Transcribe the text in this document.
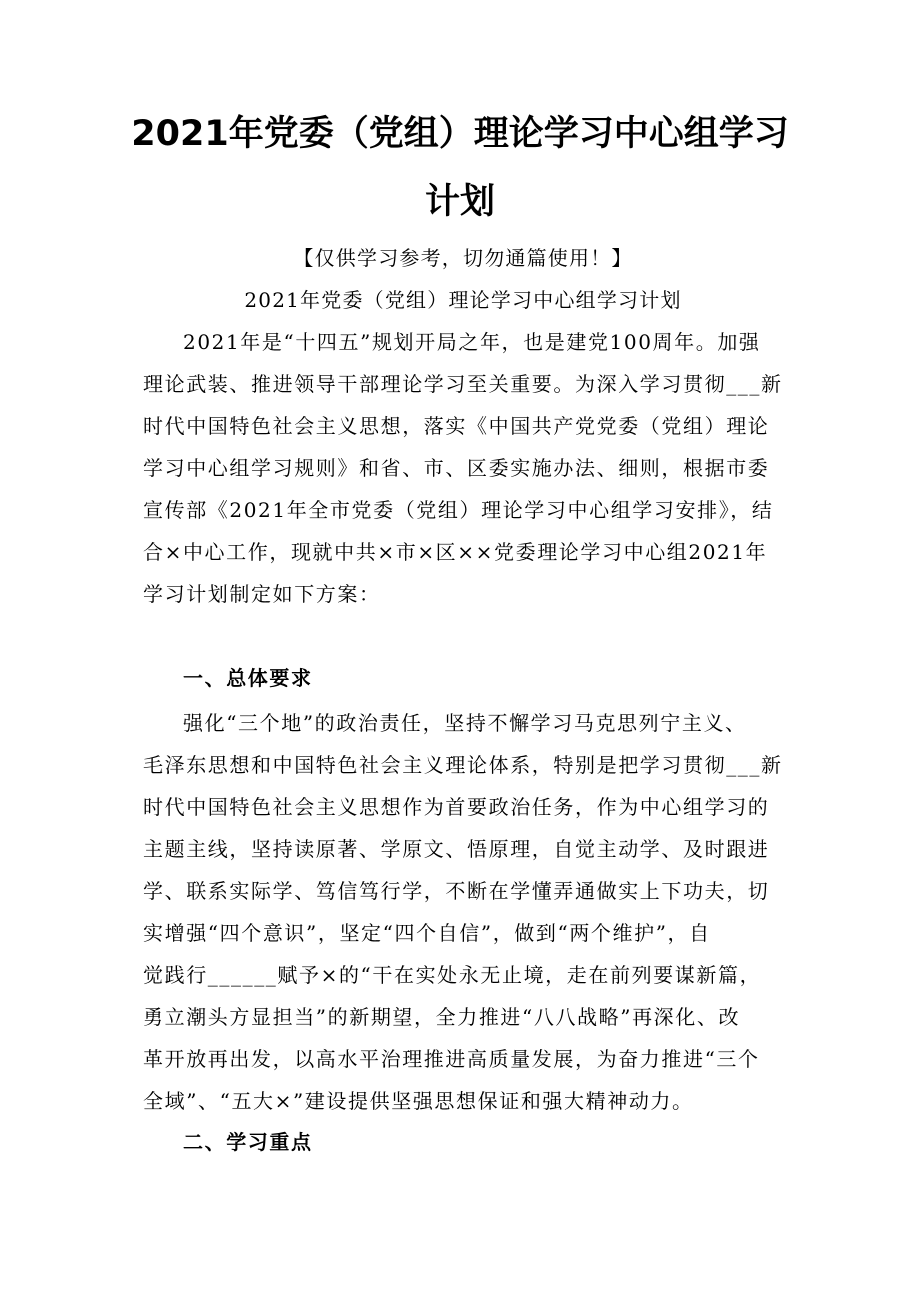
2021年党委（党组）理论学习中心组学习
计划
【仅供学习参考，切勿通篇使用！】
2021年党委（党组）理论学习中心组学习计划
2021年是“十四五”规划开局之年，也是建党100周年。加强
理论武装、推进领导干部理论学习至关重要。为深入学习贯彻___新
时代中国特色社会主义思想，落实《中国共产党党委（党组）理论
学习中心组学习规则》和省、市、区委实施办法、细则，根据市委
宣传部《2021年全市党委（党组）理论学习中心组学习安排》，结
合×中心工作，现就中共×市×区××党委理论学习中心组2021年
学习计划制定如下方案：
一、总体要求
强化“三个地”的政治责任，坚持不懈学习马克思列宁主义、
毛泽东思想和中国特色社会主义理论体系，特别是把学习贯彻___新
时代中国特色社会主义思想作为首要政治任务，作为中心组学习的
主题主线，坚持读原著、学原文、悟原理，自觉主动学、及时跟进
学、联系实际学、笃信笃行学，不断在学懂弄通做实上下功夫，切
实增强“四个意识”，坚定“四个自信”，做到“两个维护”，自
觉践行______赋予×的“干在实处永无止境，走在前列要谋新篇，
勇立潮头方显担当”的新期望，全力推进“八八战略”再深化、改
革开放再出发，以高水平治理推进高质量发展，为奋力推进“三个
全域”、“五大×”建设提供坚强思想保证和强大精神动力。
二、学习重点
